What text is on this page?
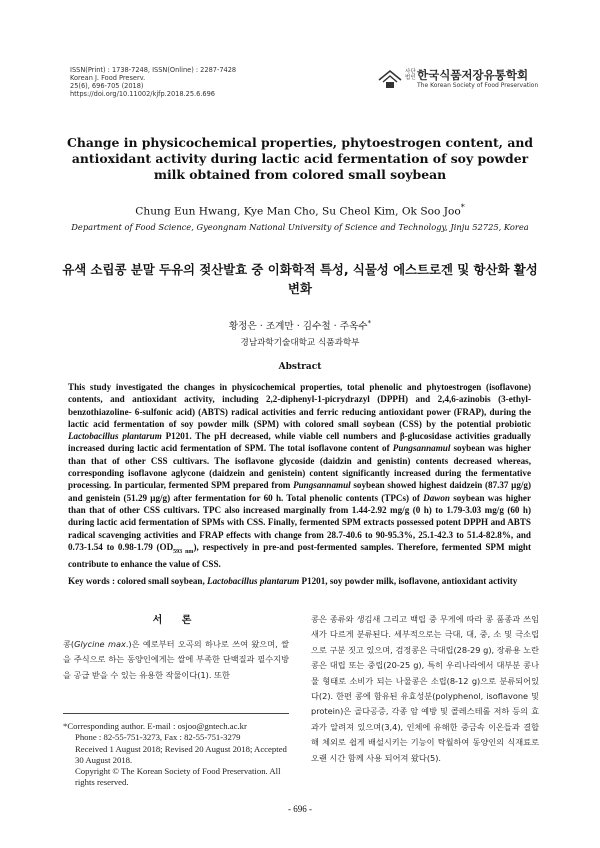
ISSN(Print) : 1738-7248, ISSN(Online) : 2287-7428
Korean J. Food Preserv.
25(6), 696-705 (2018)
https://doi.org/10.11002/kjfp.2018.25.6.696
사단
법인 한국식품저장유통학회
The Korean Society of Food Preservation
Change in physicochemical properties, phytoestrogen content, and antioxidant activity during lactic acid fermentation of soy powder milk obtained from colored small soybean
Chung Eun Hwang, Kye Man Cho, Su Cheol Kim, Ok Soo Joo*
Department of Food Science, Gyeongnam National University of Science and Technology, Jinju 52725, Korea
유색 소립콩 분말 두유의 젖산발효 중 이화학적 특성, 식물성 에스트로겐 및 항산화 활성 변화
황정은 · 조계만 · 김수철 · 주옥수*
경남과학기술대학교 식품과학부
Abstract
This study investigated the changes in physicochemical properties, total phenolic and phytoestrogen (isoflavone) contents, and antioxidant activity, including 2,2-diphenyl-1-picrydrazyl (DPPH) and 2,4,6-azinobis (3-ethyl-benzothiazoline- 6-sulfonic acid) (ABTS) radical activities and ferric reducing antioxidant power (FRAP), during the lactic acid fermentation of soy powder milk (SPM) with colored small soybean (CSS) by the potential probiotic Lactobacillus plantarum P1201. The pH decreased, while viable cell numbers and β-glucosidase activities gradually increased during lactic acid fermentation of SPM. The total isoflavone content of Pungsannamul soybean was higher than that of other CSS cultivars. The isoflavone glycoside (daidzin and genistin) contents decreased whereas, corresponding isoflavone aglycone (daidzein and genistein) content significantly increased during the fermentative processing. In particular, fermented SPM prepared from Pungsannamul soybean showed highest daidzein (87.37 μg/g) and genistein (51.29 μg/g) after fermentation for 60 h. Total phenolic contents (TPCs) of Dawon soybean was higher than that of other CSS cultivars. TPC also increased marginally from 1.44-2.92 mg/g (0 h) to 1.79-3.03 mg/g (60 h) during lactic acid fermentation of SPMs with CSS. Finally, fermented SPM extracts possessed potent DPPH and ABTS radical scavenging activities and FRAP effects with change from 28.7-40.6 to 90-95.3%, 25.1-42.3 to 51.4-82.8%, and 0.73-1.54 to 0.98-1.79 $(OD_{593 nm})$, respectively in pre-and post-fermented samples. Therefore, fermented SPM might contribute to enhance the value of CSS.
Key words : colored small soybean, Lactobacillus plantarum P1201, soy powder milk, isoflavone, antioxidant activity
서 론
콩(Glycine max.)은 예로부터 오곡의 하나로 쓰여 왔으며, 쌀을 주식으로 하는 동양인에게는 쌀에 부족한 단백질과 필수지방을 공급 받을 수 있는 유용한 작물이다(1). 또한
콩은 종류와 생김새 그리고 백립 중 무게에 따라 콩 품종과 쓰임새가 다르게 분류된다. 세부적으로는 극대, 대, 중, 소 및 극소립으로 구분 짓고 있으며, 검정콩은 극대립(28-29 g), 장류용 노란콩은 대립 또는 중립(20-25 g), 특히 우리나라에서 대부분 콩나물 형태로 소비가 되는 나물콩은 소립(8-12 g)으로 분류되어있다(2). 한편 콩에 함유된 유효성분(polyphenol, isoflavone 및 protein)은 골다공증, 각종 암 예방 및 콜레스테롤 저하 등의 효과가 알려져 있으며(3,4), 인체에 유해한 중금속 이온들과 결합해 체외로 쉽게 배설시키는 기능이 탁월하여 동양인의 식재료로 오랜 시간 함께 사용 되어져 왔다(5).
*Corresponding author. E-mail : osjoo@gntech.ac.kr
Phone : 82-55-751-3273, Fax : 82-55-751-3279
Received 1 August 2018; Revised 20 August 2018; Accepted 30 August 2018.
Copyright © The Korean Society of Food Preservation. All rights reserved.
- 696 -
